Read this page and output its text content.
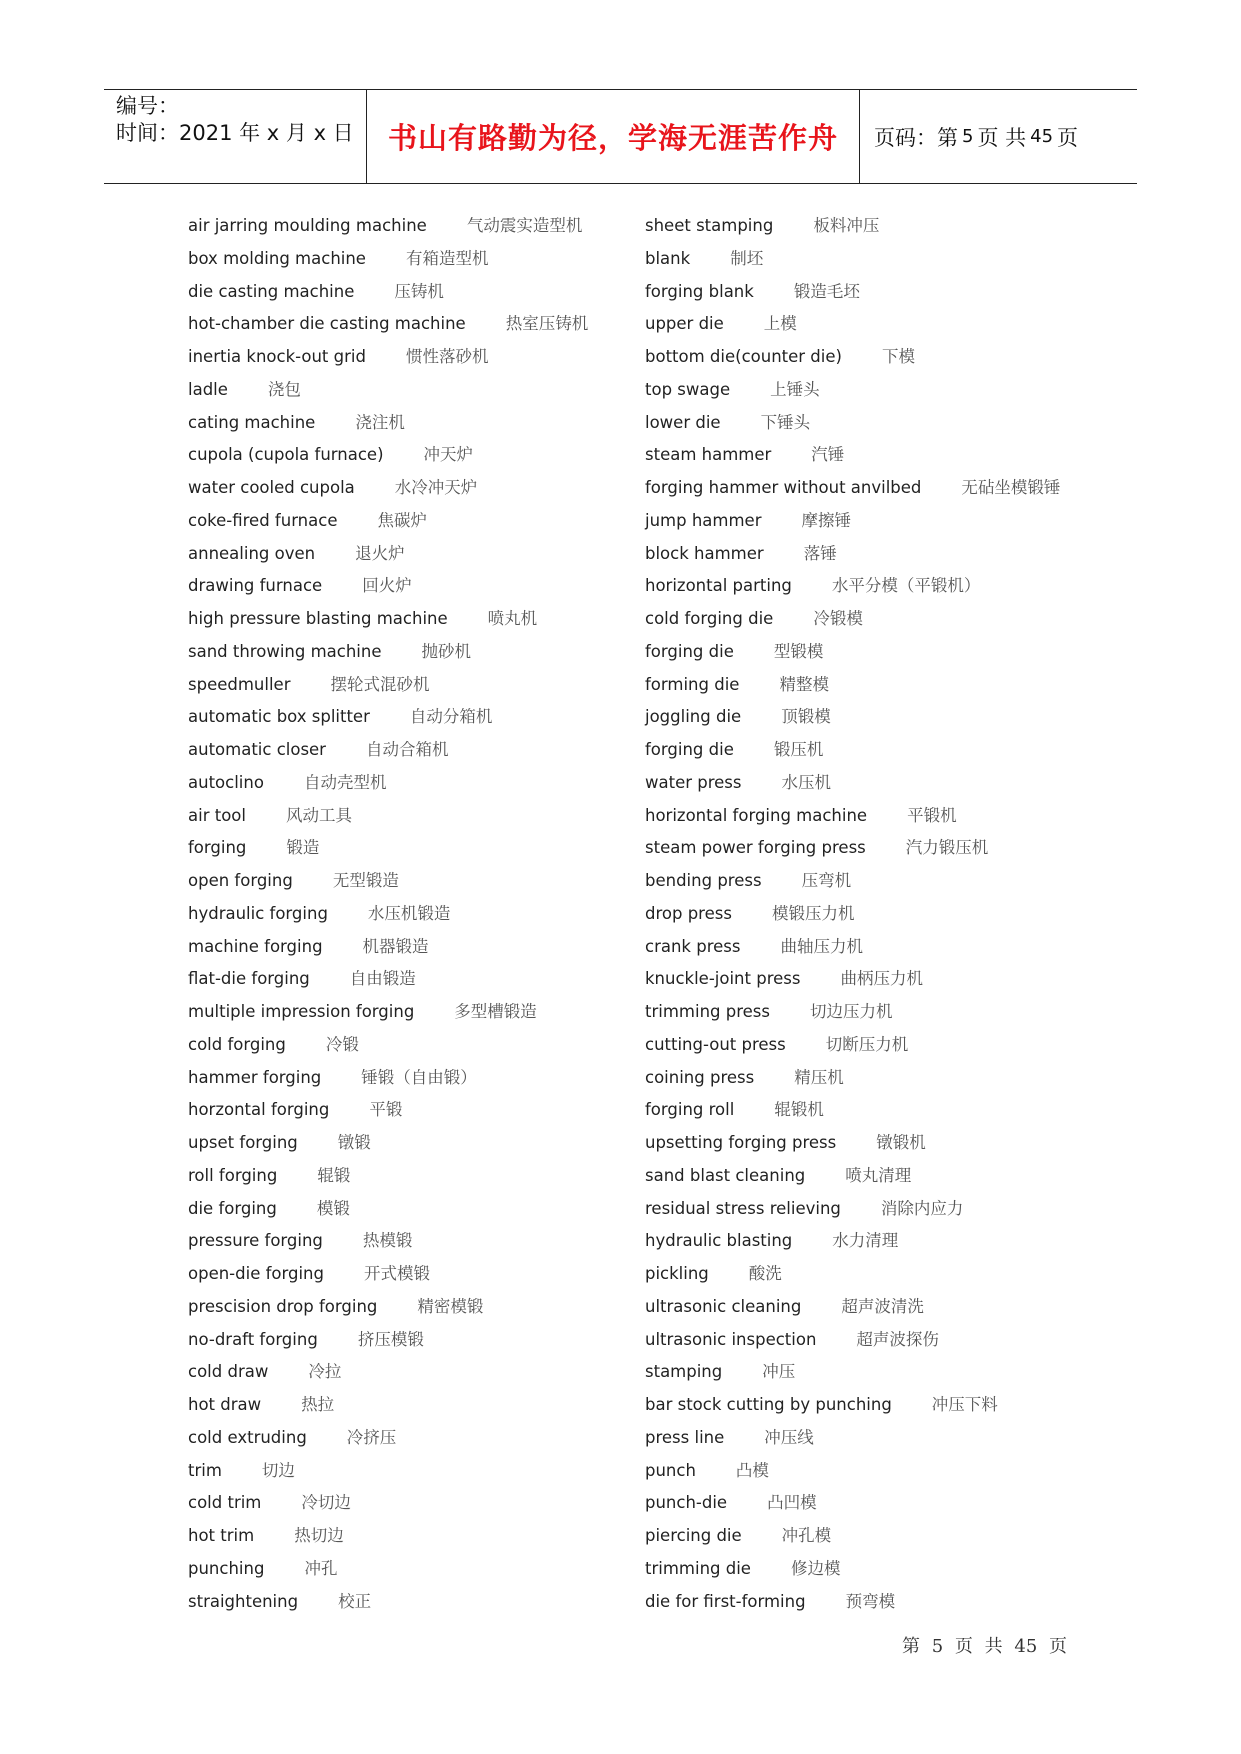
编号：
时间：2021 年 x 月 x 日	书山有路勤为径，学海无涯苦作舟	页码：第 5 页 共 45 页
air jarring moulding machine 气动震实造型机
box molding machine 有箱造型机
die casting machine 压铸机
hot-chamber die casting machine 热室压铸机
inertia knock-out grid 惯性落砂机
ladle 浇包
cating machine 浇注机
cupola (cupola furnace) 冲天炉
water cooled cupola 水冷冲天炉
coke-fired furnace 焦碳炉
annealing oven 退火炉
drawing furnace 回火炉
high pressure blasting machine 喷丸机
sand throwing machine 抛砂机
speedmuller 摆轮式混砂机
automatic box splitter 自动分箱机
automatic closer 自动合箱机
autoclino 自动壳型机
air tool 风动工具
forging 锻造
open forging 无型锻造
hydraulic forging 水压机锻造
machine forging 机器锻造
flat-die forging 自由锻造
multiple impression forging 多型槽锻造
cold forging 冷锻
hammer forging 锤锻（自由锻）
horzontal forging 平锻
upset forging 镦锻
roll forging 辊锻
die forging 模锻
pressure forging 热模锻
open-die forging 开式模锻
prescision drop forging 精密模锻
no-draft forging 挤压模锻
cold draw 冷拉
hot draw 热拉
cold extruding 冷挤压
trim 切边
cold trim 冷切边
hot trim 热切边
punching 冲孔
straightening 校正
sheet stamping 板料冲压
blank 制坯
forging blank 锻造毛坯
upper die 上模
bottom die(counter die) 下模
top swage 上锤头
lower die 下锤头
steam hammer 汽锤
forging hammer without anvilbed 无砧坐模锻锤
jump hammer 摩擦锤
block hammer 落锤
horizontal parting 水平分模（平锻机）
cold forging die 冷锻模
forging die 型锻模
forming die 精整模
joggling die 顶锻模
forging die 锻压机
water press 水压机
horizontal forging machine 平锻机
steam power forging press 汽力锻压机
bending press 压弯机
drop press 模锻压力机
crank press 曲轴压力机
knuckle-joint press 曲柄压力机
trimming press 切边压力机
cutting-out press 切断压力机
coining press 精压机
forging roll 辊锻机
upsetting forging press 镦锻机
sand blast cleaning 喷丸清理
residual stress relieving 消除内应力
hydraulic blasting 水力清理
pickling 酸洗
ultrasonic cleaning 超声波清洗
ultrasonic inspection 超声波探伤
stamping 冲压
bar stock cutting by punching 冲压下料
press line 冲压线
punch 凸模
punch-die 凸凹模
piercing die 冲孔模
trimming die 修边模
die for first-forming 预弯模
第 5 页 共 45 页
